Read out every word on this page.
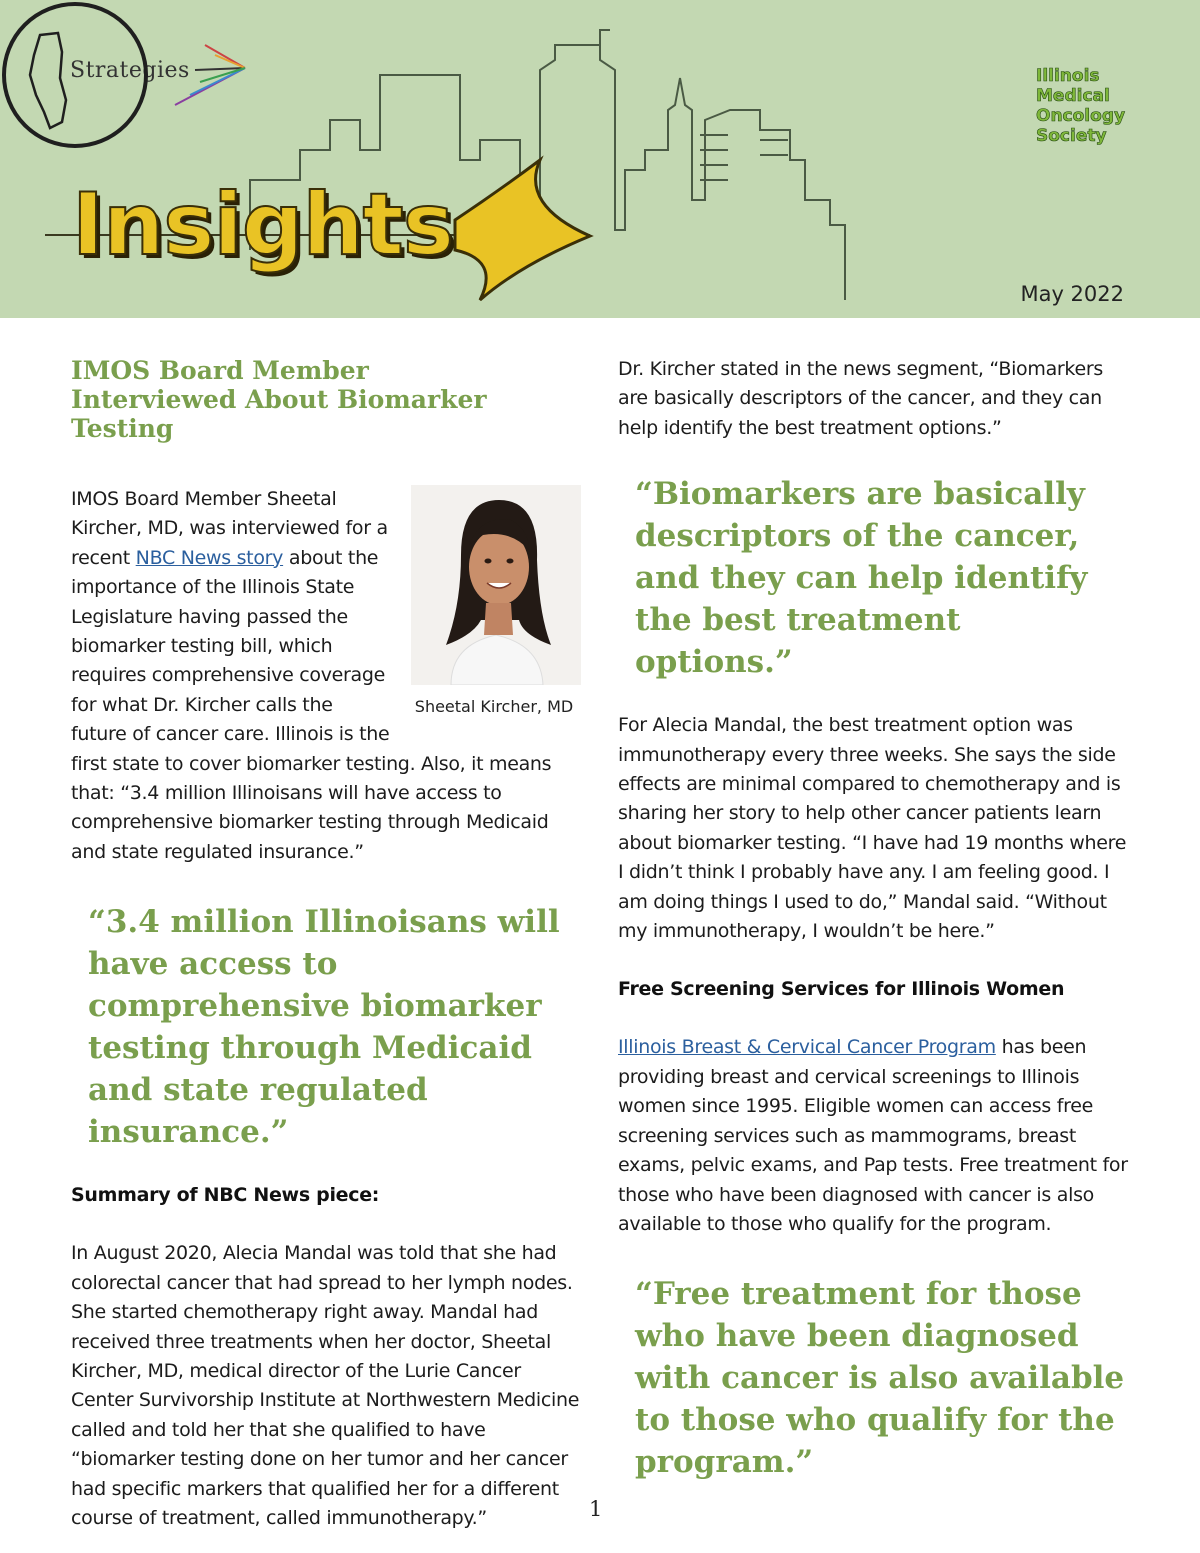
Strategies
Insights
Illinois
Medical
Oncology
Society
May 2022
IMOS Board Member Interviewed About Biomarker Testing
Sheetal Kircher, MD

IMOS Board Member Sheetal Kircher, MD, was interviewed for a recent NBC News story about the importance of the Illinois State Legislature having passed the biomarker testing bill, which requires comprehensive coverage for what Dr. Kircher calls the future of cancer care. Illinois is the first state to cover biomarker testing. Also, it means that: “3.4 million Illinoisans will have access to comprehensive biomarker testing through Medicaid and state regulated insurance.”

“3.4 million Illinoisans will have access to comprehensive biomarker testing through Medicaid and state regulated insurance.”

Summary of NBC News piece:

In August 2020, Alecia Mandal was told that she had colorectal cancer that had spread to her lymph nodes. She started chemotherapy right away. Mandal had received three treatments when her doctor, Sheetal Kircher, MD, medical director of the Lurie Cancer Center Survivorship Institute at Northwestern Medicine called and told her that she qualified to have “biomarker testing done on her tumor and her cancer had specific markers that qualified her for a different course of treatment, called immunotherapy.”

Dr. Kircher stated in the news segment, “Biomarkers are basically descriptors of the cancer, and they can help identify the best treatment options.”

“Biomarkers are basically descriptors of the cancer, and they can help identify the best treatment options.”

For Alecia Mandal, the best treatment option was immunotherapy every three weeks. She says the side effects are minimal compared to chemotherapy and is sharing her story to help other cancer patients learn about biomarker testing. “I have had 19 months where I didn’t think I probably have any. I am feeling good. I am doing things I used to do,” Mandal said. “Without my immunotherapy, I wouldn’t be here.”

Free Screening Services for Illinois Women

Illinois Breast & Cervical Cancer Program has been providing breast and cervical screenings to Illinois women since 1995. Eligible women can access free screening services such as mammograms, breast exams, pelvic exams, and Pap tests. Free treatment for those who have been diagnosed with cancer is also available to those who qualify for the program.

“Free treatment for those who have been diagnosed with cancer is also available to those who qualify for the program.”

1
